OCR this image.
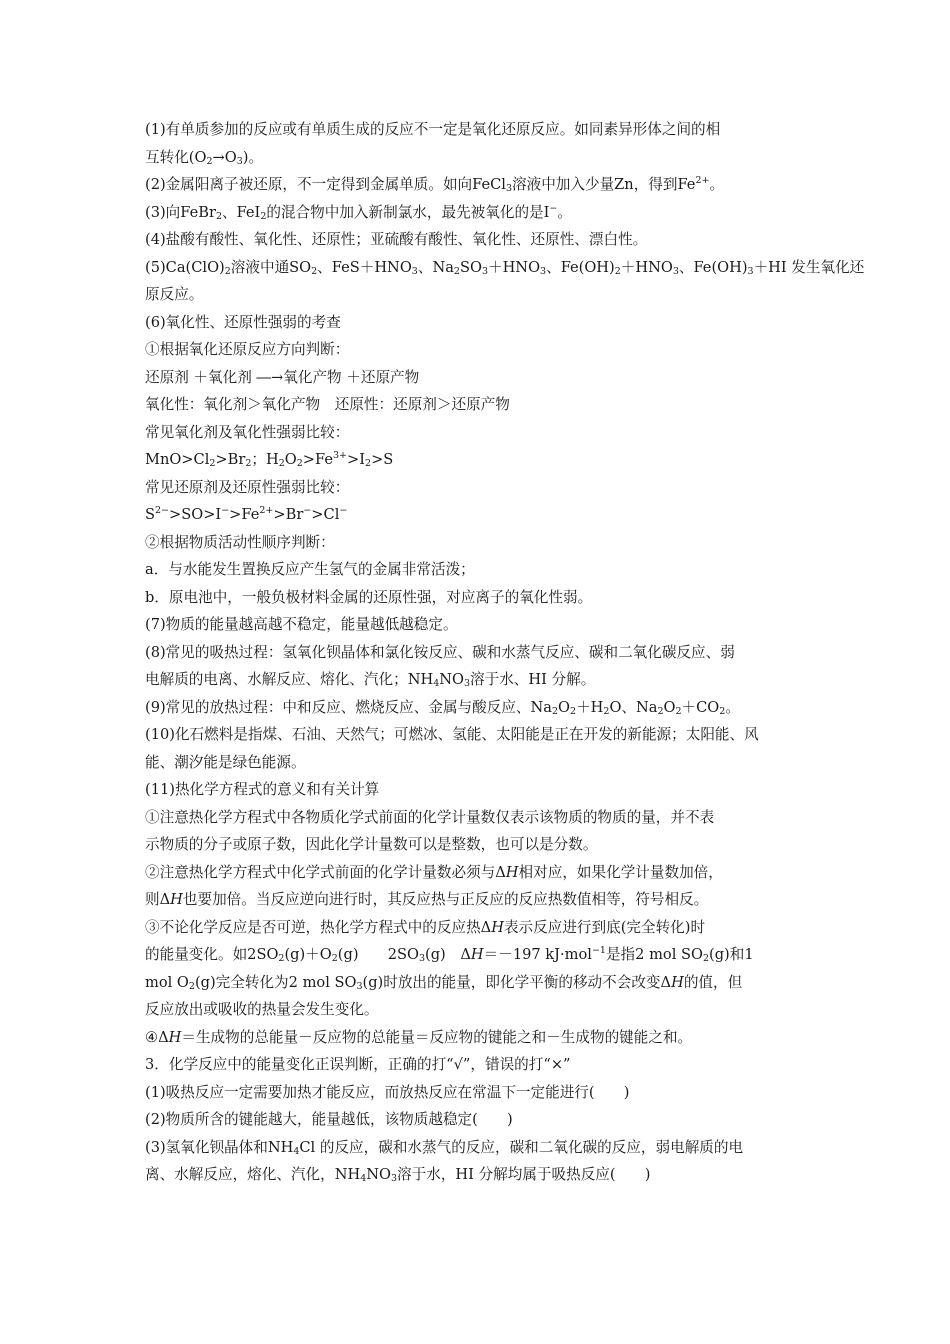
(1)有单质参加的反应或有单质生成的反应不一定是氧化还原反应。如同素异形体之间的相
互转化$(O_2\to O_3)$。
(2)金属阳离子被还原，不一定得到金属单质。如向FeCl$_3$溶液中加入少量Zn，得到$Fe^{2+}$。
(3)向FeBr$_2$、FeI$_2$的混合物中加入新制氯水，最先被氧化的是I−。
(4)盐酸有酸性、氧化性、还原性；亚硫酸有酸性、氧化性、还原性、漂白性。
$(5)Ca(ClO)_2$溶液中通$SO_2$、$FeS+HNO_3$、$Na_2SO_3+HNO_3$、$Fe(OH)_2+HNO_3$、$Fe(OH)_3+HI$ 发生氧化还
原反应。
(6)氧化性、还原性强弱的考查
①根据氧化还原反应方向判断：
还原剂 ＋氧化剂 ―→氧化产物 ＋还原产物
氧化性：氧化剂＞氧化产物　还原性：还原剂＞还原产物
常见氧化剂及氧化性强弱比较：
$MnO>Cl_2>Br_2$；$H_2O_2>Fe^{3+}>I_2>S$
常见还原剂及还原性强弱比较：
$S^{2-}>SO>I^->Fe^{2+}>Br^->Cl^-$
②根据物质活动性顺序判断：
a．与水能发生置换反应产生氢气的金属非常活泼；
b．原电池中，一般负极材料金属的还原性强，对应离子的氧化性弱。
(7)物质的能量越高越不稳定，能量越低越稳定。
(8)常见的吸热过程：氢氧化钡晶体和氯化铵反应、碳和水蒸气反应、碳和二氧化碳反应、弱
电解质的电离、水解反应、熔化、汽化；$NH_4NO_3$溶于水、HI 分解。
(9)常见的放热过程：中和反应、燃烧反应、金属与酸反应、$Na_2O_2+H_2O$、$Na_2O_2+CO_2$。
(10)化石燃料是指煤、石油、天然气；可燃冰、氢能、太阳能是正在开发的新能源；太阳能、风
能、潮汐能是绿色能源。
(11)热化学方程式的意义和有关计算
①注意热化学方程式中各物质化学式前面的化学计量数仅表示该物质的物质的量，并不表
示物质的分子或原子数，因此化学计量数可以是整数，也可以是分数。
②注意热化学方程式中化学式前面的化学计量数必须与ΔH相对应，如果化学计量数加倍，
则ΔH也要加倍。当反应逆向进行时，其反应热与正反应的反应热数值相等，符号相反。
③不论化学反应是否可逆，热化学方程式中的反应热ΔH表示反应进行到底(完全转化)时
的能量变化。如$2SO_2(g)+O_2(g)$　　$2SO_3(g)$　ΔH＝－197 kJ·mol$^{-1}$是指2 mol $SO_2(g)$和1
mol $O_2(g)$完全转化为2 mol $SO_3(g)$时放出的能量，即化学平衡的移动不会改变ΔH的值，但
反应放出或吸收的热量会发生变化。
④ΔH＝生成物的总能量－反应物的总能量＝反应物的键能之和－生成物的键能之和。
3．化学反应中的能量变化正误判断，正确的打“√”，错误的打“×”
(1)吸热反应一定需要加热才能反应，而放热反应在常温下一定能进行(　　)
(2)物质所含的键能越大，能量越低，该物质越稳定(　　)
(3)氢氧化钡晶体和$NH_4Cl$ 的反应，碳和水蒸气的反应，碳和二氧化碳的反应，弱电解质的电
离、水解反应，熔化、汽化，$NH_4NO_3$溶于水，HI 分解均属于吸热反应(　　)
